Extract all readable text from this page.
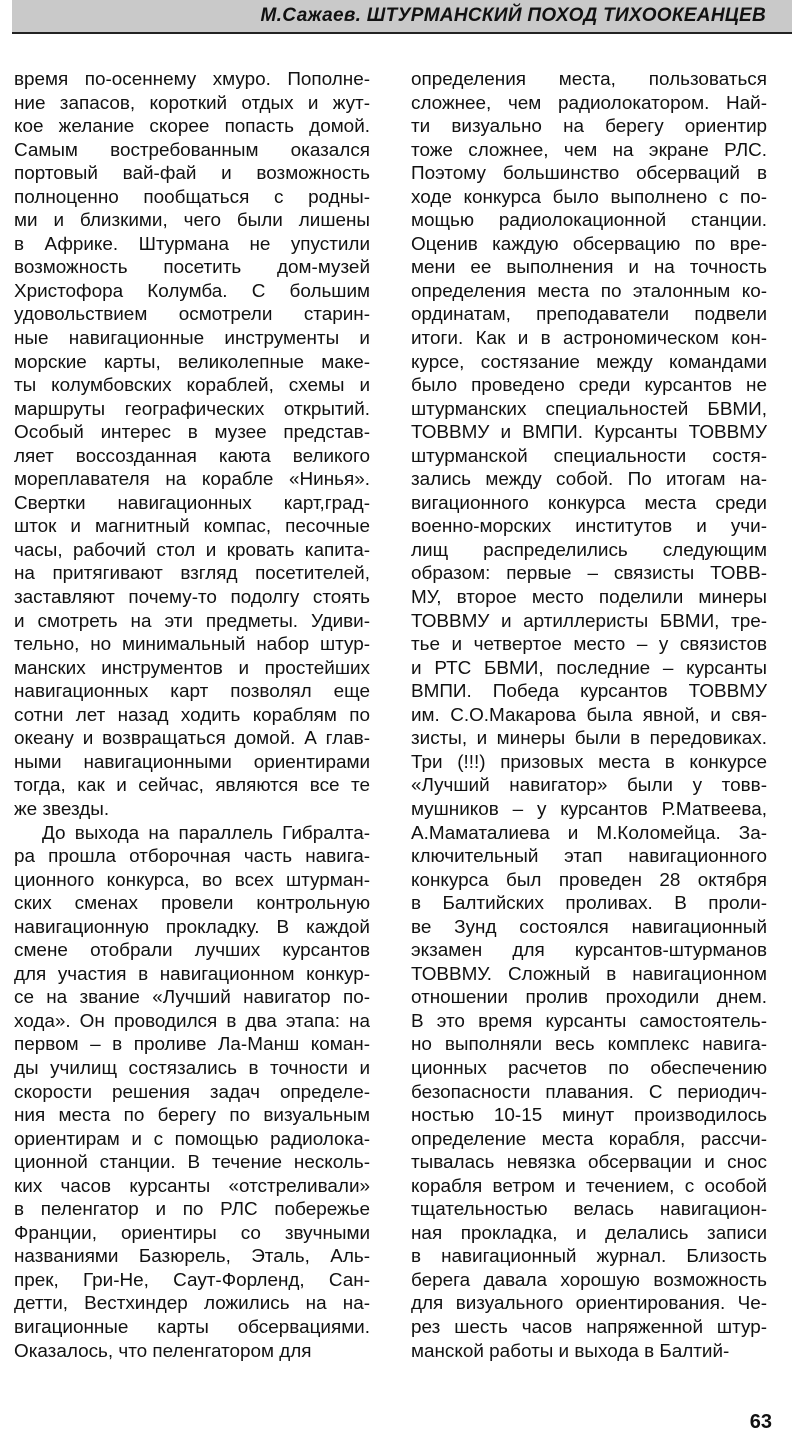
М.Сажаев. ШТУРМАНСКИЙ ПОХОД ТИХООКЕАНЦЕВ
время по-осеннему хмуро. Пополне-
ние запасов, короткий отдых и жут-
кое желание скорее попасть домой.
Самым востребованным оказался
портовый вай-фай и возможность
полноценно пообщаться с родны-
ми и близкими, чего были лишены
в Африке. Штурмана не упустили
возможность посетить дом-музей
Христофора Колумба. С большим
удовольствием осмотрели старин-
ные навигационные инструменты и
морские карты, великолепные маке-
ты колумбовских кораблей, схемы и
маршруты географических открытий.
Особый интерес в музее представ-
ляет воссозданная каюта великого
мореплавателя на корабле «Нинья».
Свертки навигационных карт,град-
шток и магнитный компас, песочные
часы, рабочий стол и кровать капита-
на притягивают взгляд посетителей,
заставляют почему-то подолгу стоять
и смотреть на эти предметы. Удиви-
тельно, но минимальный набор штур-
манских инструментов и простейших
навигационных карт позволял еще
сотни лет назад ходить кораблям по
океану и возвращаться домой. А глав-
ными навигационными ориентирами
тогда, как и сейчас, являются все те
же звезды.
До выхода на параллель Гибралта-
ра прошла отборочная часть навига-
ционного конкурса, во всех штурман-
ских сменах провели контрольную
навигационную прокладку. В каждой
смене отобрали лучших курсантов
для участия в навигационном конкур-
се на звание «Лучший навигатор по-
хода». Он проводился в два этапа: на
первом – в проливе Ла-Манш коман-
ды училищ состязались в точности и
скорости решения задач определе-
ния места по берегу по визуальным
ориентирам и с помощью радиолока-
ционной станции. В течение несколь-
ких часов курсанты «отстреливали»
в пеленгатор и по РЛС побережье
Франции, ориентиры со звучными
названиями Базюрель, Эталь, Аль-
прек, Гри-Не, Саут-Форленд, Сан-
детти, Вестхиндер ложились на на-
вигационные карты обсервациями.
Оказалось, что пеленгатором для
определения места, пользоваться
сложнее, чем радиолокатором. Най-
ти визуально на берегу ориентир
тоже сложнее, чем на экране РЛС.
Поэтому большинство обсерваций в
ходе конкурса было выполнено с по-
мощью радиолокационной станции.
Оценив каждую обсервацию по вре-
мени ее выполнения и на точность
определения места по эталонным ко-
ординатам, преподаватели подвели
итоги. Как и в астрономическом кон-
курсе, состязание между командами
было проведено среди курсантов не
штурманских специальностей БВМИ,
ТОВВМУ и ВМПИ. Курсанты ТОВВМУ
штурманской специальности состя-
зались между собой. По итогам на-
вигационного конкурса места среди
военно-морских институтов и учи-
лищ распределились следующим
образом: первые – связисты ТОВВ-
МУ, второе место поделили минеры
ТОВВМУ и артиллеристы БВМИ, тре-
тье и четвертое место – у связистов
и РТС БВМИ, последние – курсанты
ВМПИ. Победа курсантов ТОВВМУ
им. С.О.Макарова была явной, и свя-
зисты, и минеры были в передовиках.
Три (!!!) призовых места в конкурсе
«Лучший навигатор» были у товв-
мушников – у курсантов Р.Матвеева,
А.Маматалиева и М.Коломейца. За-
ключительный этап навигационного
конкурса был проведен 28 октября
в Балтийских проливах. В проли-
ве Зунд состоялся навигационный
экзамен для курсантов-штурманов
ТОВВМУ. Сложный в навигационном
отношении пролив проходили днем.
В это время курсанты самостоятель-
но выполняли весь комплекс навига-
ционных расчетов по обеспечению
безопасности плавания. С периодич-
ностью 10-15 минут производилось
определение места корабля, рассчи-
тывалась невязка обсервации и снос
корабля ветром и течением, с особой
тщательностью велась навигацион-
ная прокладка, и делались записи
в навигационный журнал. Близость
берега давала хорошую возможность
для визуального ориентирования. Че-
рез шесть часов напряженной штур-
манской работы и выхода в Балтий-
63
